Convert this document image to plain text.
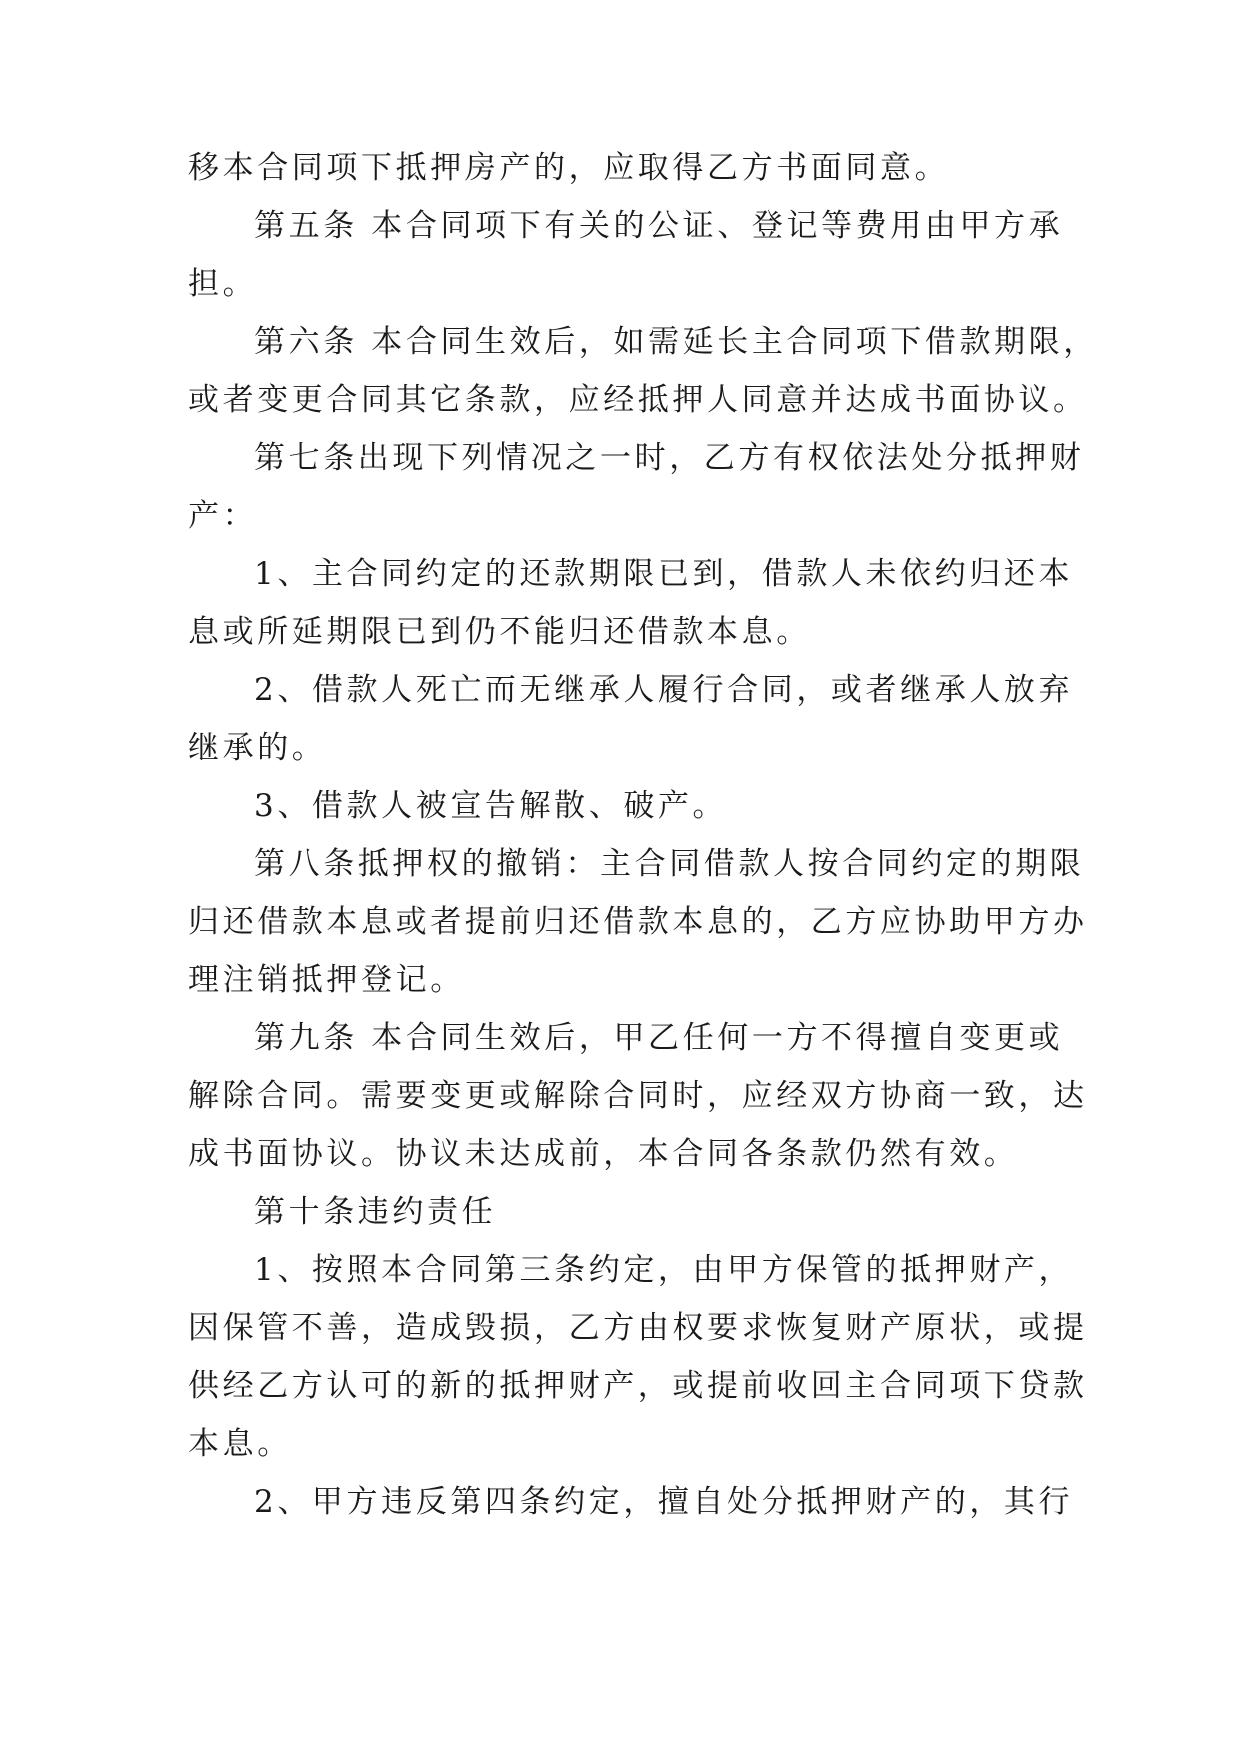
移本合同项下抵押房产的，应取得乙方书面同意。
第五条 本合同项下有关的公证、登记等费用由甲方承
担。
第六条 本合同生效后，如需延长主合同项下借款期限，
或者变更合同其它条款，应经抵押人同意并达成书面协议。
第七条出现下列情况之一时，乙方有权依法处分抵押财
产：
1、主合同约定的还款期限已到，借款人未依约归还本
息或所延期限已到仍不能归还借款本息。
2、借款人死亡而无继承人履行合同，或者继承人放弃
继承的。
3、借款人被宣告解散、破产。
第八条抵押权的撤销：主合同借款人按合同约定的期限
归还借款本息或者提前归还借款本息的，乙方应协助甲方办
理注销抵押登记。
第九条 本合同生效后，甲乙任何一方不得擅自变更或
解除合同。需要变更或解除合同时，应经双方协商一致，达
成书面协议。协议未达成前，本合同各条款仍然有效。
第十条违约责任
1、按照本合同第三条约定，由甲方保管的抵押财产，
因保管不善，造成毁损，乙方由权要求恢复财产原状，或提
供经乙方认可的新的抵押财产，或提前收回主合同项下贷款
本息。
2、甲方违反第四条约定，擅自处分抵押财产的，其行
